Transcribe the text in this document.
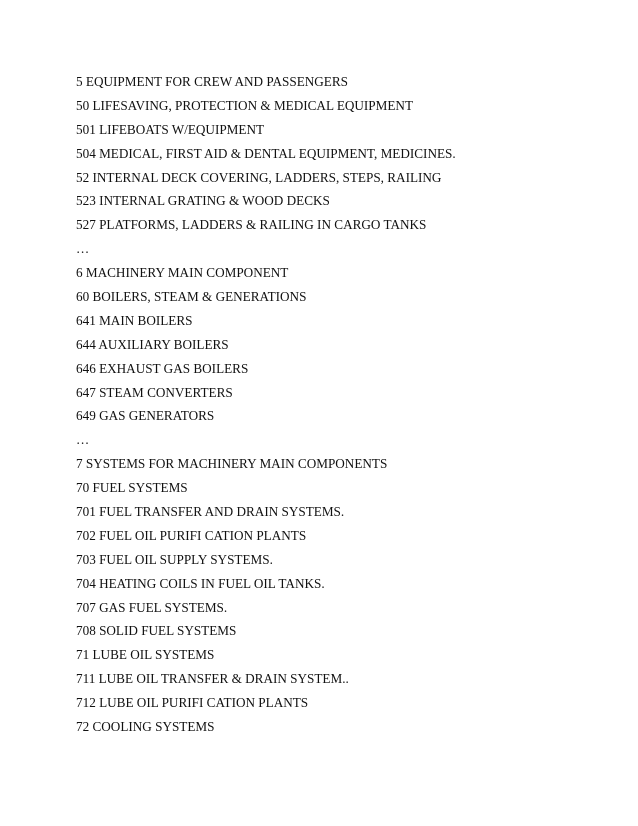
5 EQUIPMENT FOR CREW AND PASSENGERS
50 LIFESAVING, PROTECTION & MEDICAL EQUIPMENT
501 LIFEBOATS W/EQUIPMENT
504 MEDICAL, FIRST AID & DENTAL EQUIPMENT, MEDICINES.
52 INTERNAL DECK COVERING, LADDERS, STEPS, RAILING
523 INTERNAL GRATING & WOOD DECKS
527 PLATFORMS, LADDERS & RAILING IN CARGO TANKS
…
6 MACHINERY MAIN COMPONENT
60 BOILERS, STEAM & GENERATIONS
641 MAIN BOILERS
644 AUXILIARY BOILERS
646 EXHAUST GAS BOILERS
647 STEAM CONVERTERS
649 GAS GENERATORS
…
7 SYSTEMS FOR MACHINERY MAIN COMPONENTS
70 FUEL SYSTEMS
701 FUEL TRANSFER AND DRAIN SYSTEMS.
702 FUEL OIL PURIFI CATION PLANTS
703 FUEL OIL SUPPLY SYSTEMS.
704 HEATING COILS IN FUEL OIL TANKS.
707 GAS FUEL SYSTEMS.
708 SOLID FUEL SYSTEMS
71 LUBE OIL SYSTEMS
711 LUBE OIL TRANSFER & DRAIN SYSTEM..
712 LUBE OIL PURIFI CATION PLANTS
72 COOLING SYSTEMS
